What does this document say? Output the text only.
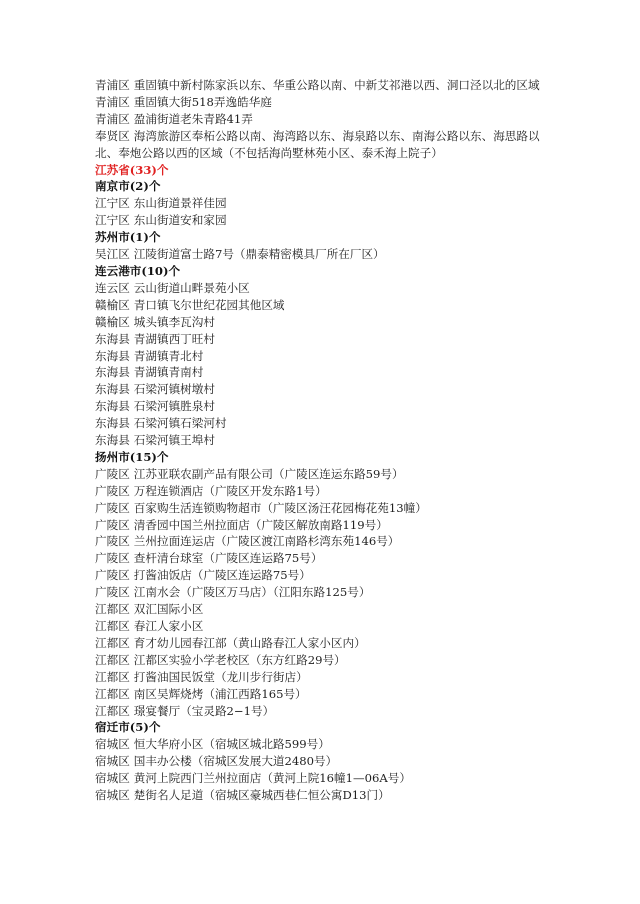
青浦区 重固镇中新村陈家浜以东、华重公路以南、中新艾祁港以西、洞口泾以北的区域
青浦区 重固镇大街518弄逸皓华庭
青浦区 盈浦街道老朱青路41弄
奉贤区 海湾旅游区奉柘公路以南、海湾路以东、海泉路以东、南海公路以东、海思路以北、奉炮公路以西的区域（不包括海尚墅林苑小区、泰禾海上院子）
江苏省(33)个
南京市(2)个
江宁区 东山街道景祥佳园
江宁区 东山街道安和家园
苏州市(1)个
吴江区 江陵街道富士路7号（鼎泰精密模具厂所在厂区）
连云港市(10)个
连云区 云山街道山畔景苑小区
赣榆区 青口镇飞尔世纪花园其他区域
赣榆区 城头镇李瓦沟村
东海县 青湖镇西丁旺村
东海县 青湖镇青北村
东海县 青湖镇青南村
东海县 石梁河镇树墩村
东海县 石梁河镇胜泉村
东海县 石梁河镇石梁河村
东海县 石梁河镇王埠村
扬州市(15)个
广陵区 江苏亚联农副产品有限公司（广陵区连运东路59号）
广陵区 万程连锁酒店（广陵区开发东路1号）
广陵区 百家购生活连锁购物超市（广陵区汤汪花园梅花苑13幢）
广陵区 清香园中国兰州拉面店（广陵区解放南路119号）
广陵区 兰州拉面连运店（广陵区渡江南路杉湾东苑146号）
广陵区 查杆清台球室（广陵区连运路75号）
广陵区 打酱油饭店（广陵区连运路75号）
广陵区 江南水会（广陵区万马店）（江阳东路125号）
江都区 双汇国际小区
江都区 春江人家小区
江都区 育才幼儿园春江部（黄山路春江人家小区内）
江都区 江都区实验小学老校区（东方红路29号）
江都区 打酱油国民饭堂（龙川步行街店）
江都区 南区吴辉烧烤（浦江西路165号）
江都区 璟宴餐厅（宝灵路2−1号）
宿迁市(5)个
宿城区 恒大华府小区（宿城区城北路599号）
宿城区 国丰办公楼（宿城区发展大道2480号）
宿城区 黄河上院西门兰州拉面店（黄河上院16幢1—06A号）
宿城区 楚街名人足道（宿城区豪城西巷仁恒公寓D13门）
